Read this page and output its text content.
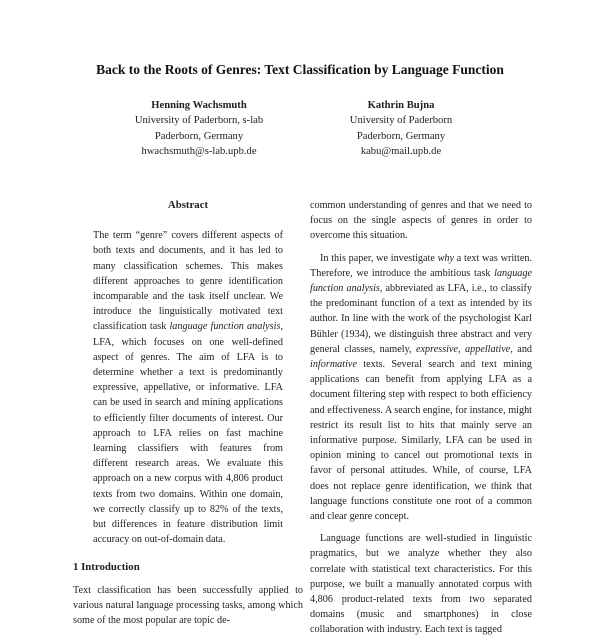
Back to the Roots of Genres: Text Classification by Language Function
Henning Wachsmuth
University of Paderborn, s-lab
Paderborn, Germany
hwachsmuth@s-lab.upb.de
Kathrin Bujna
University of Paderborn
Paderborn, Germany
kabu@mail.upb.de
Abstract

The term “genre” covers different aspects of both texts and documents, and it has led to many classification schemes. This makes different approaches to genre identification incomparable and the task itself unclear. We introduce the linguistically motivated text classification task language function analysis, LFA, which focuses on one well-defined aspect of genres. The aim of LFA is to determine whether a text is predominantly expressive, appellative, or informative. LFA can be used in search and mining applications to efficiently filter documents of interest. Our approach to LFA relies on fast machine learning classifiers with features from different research areas. We evaluate this approach on a new corpus with 4,806 product texts from two domains. Within one domain, we correctly classify up to 82% of the texts, but differences in feature distribution limit accuracy on out-of-domain data.

1 Introduction

Text classification has been successfully applied to various natural language processing tasks, among which some of the most popular are topic de-

common understanding of genres and that we need to focus on the single aspects of genres in order to overcome this situation.

In this paper, we investigate why a text was written. Therefore, we introduce the ambitious task language function analysis, abbreviated as LFA, i.e., to classify the predominant function of a text as intended by its author. In line with the work of the psychologist Karl Bühler (1934), we distinguish three abstract and very general classes, namely, expressive, appellative, and informative texts. Several search and text mining applications can benefit from applying LFA as a document filtering step with respect to both efficiency and effectiveness. A search engine, for instance, might restrict its result list to hits that mainly serve an informative purpose. Similarly, LFA can be used in opinion mining to cancel out promotional texts in favor of personal attitudes. While, of course, LFA does not replace genre identification, we think that language functions constitute one root of a common and clear genre concept.

Language functions are well-studied in linguistic pragmatics, but we analyze whether they also correlate with statistical text characteristics. For this purpose, we built a manually annotated corpus with 4,806 product-related texts from two separated domains (music and smartphones) in close collaboration with industry. Each text is tagged
